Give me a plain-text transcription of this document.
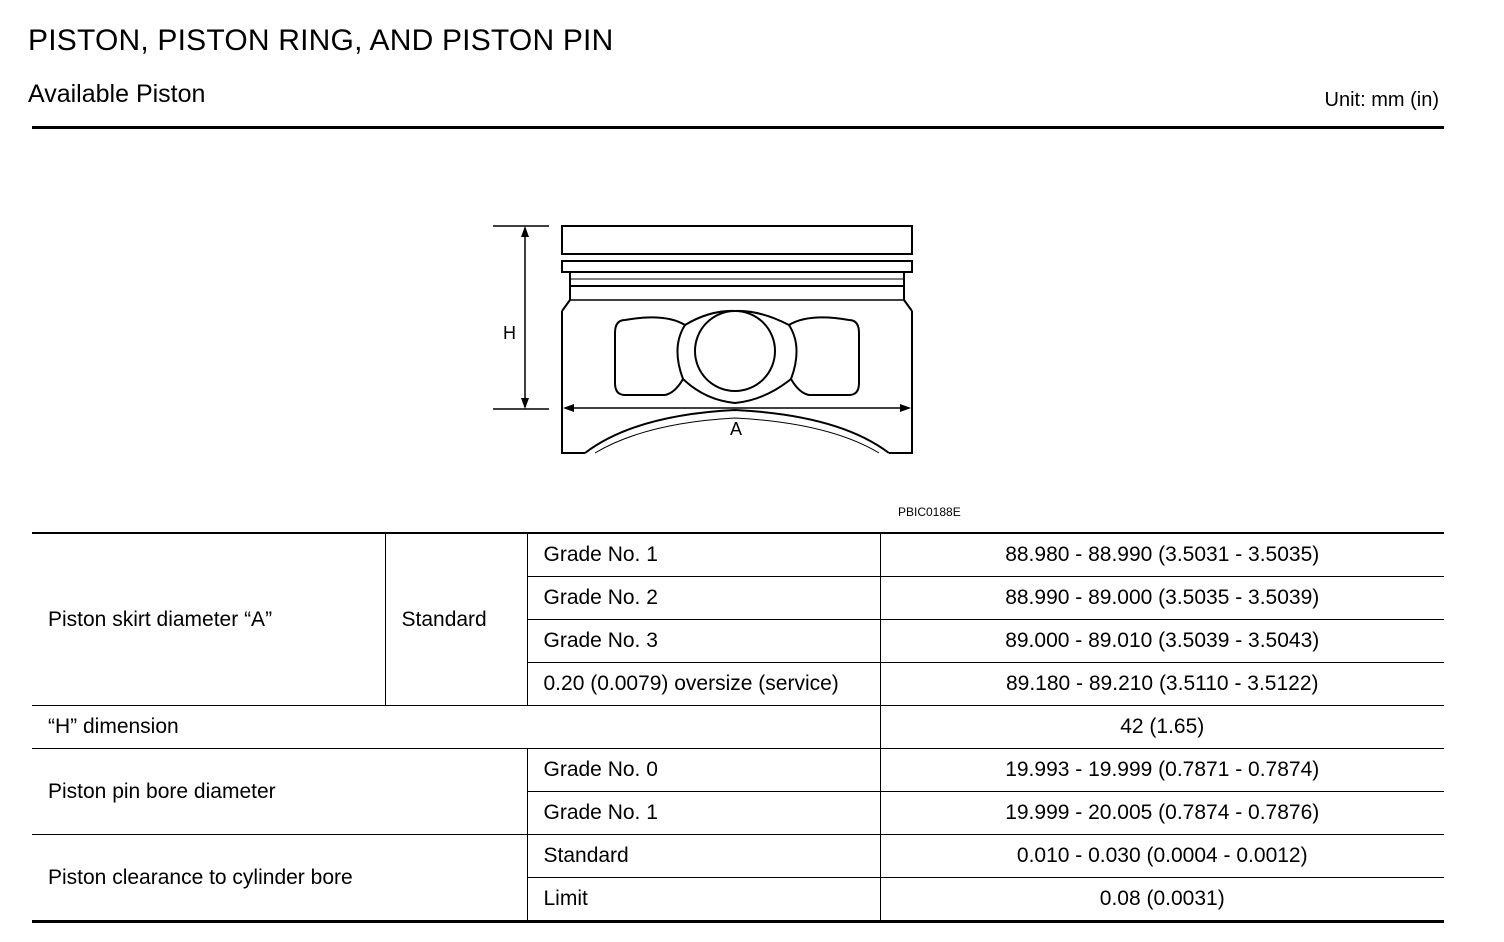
PISTON, PISTON RING, AND PISTON PIN
Available Piston	Unit: mm (in)
H
A
PBIC0188E
Piston skirt diameter “A”	Standard	Grade No. 1	88.980 - 88.990 (3.5031 - 3.5035)
		Grade No. 2	88.990 - 89.000 (3.5035 - 3.5039)
		Grade No. 3	89.000 - 89.010 (3.5039 - 3.5043)
		0.20 (0.0079) oversize (service)	89.180 - 89.210 (3.5110 - 3.5122)
“H” dimension			42 (1.65)
Piston pin bore diameter		Grade No. 0	19.993 - 19.999 (0.7871 - 0.7874)
		Grade No. 1	19.999 - 20.005 (0.7874 - 0.7876)
Piston clearance to cylinder bore		Standard	0.010 - 0.030 (0.0004 - 0.0012)
		Limit	0.08 (0.0031)
